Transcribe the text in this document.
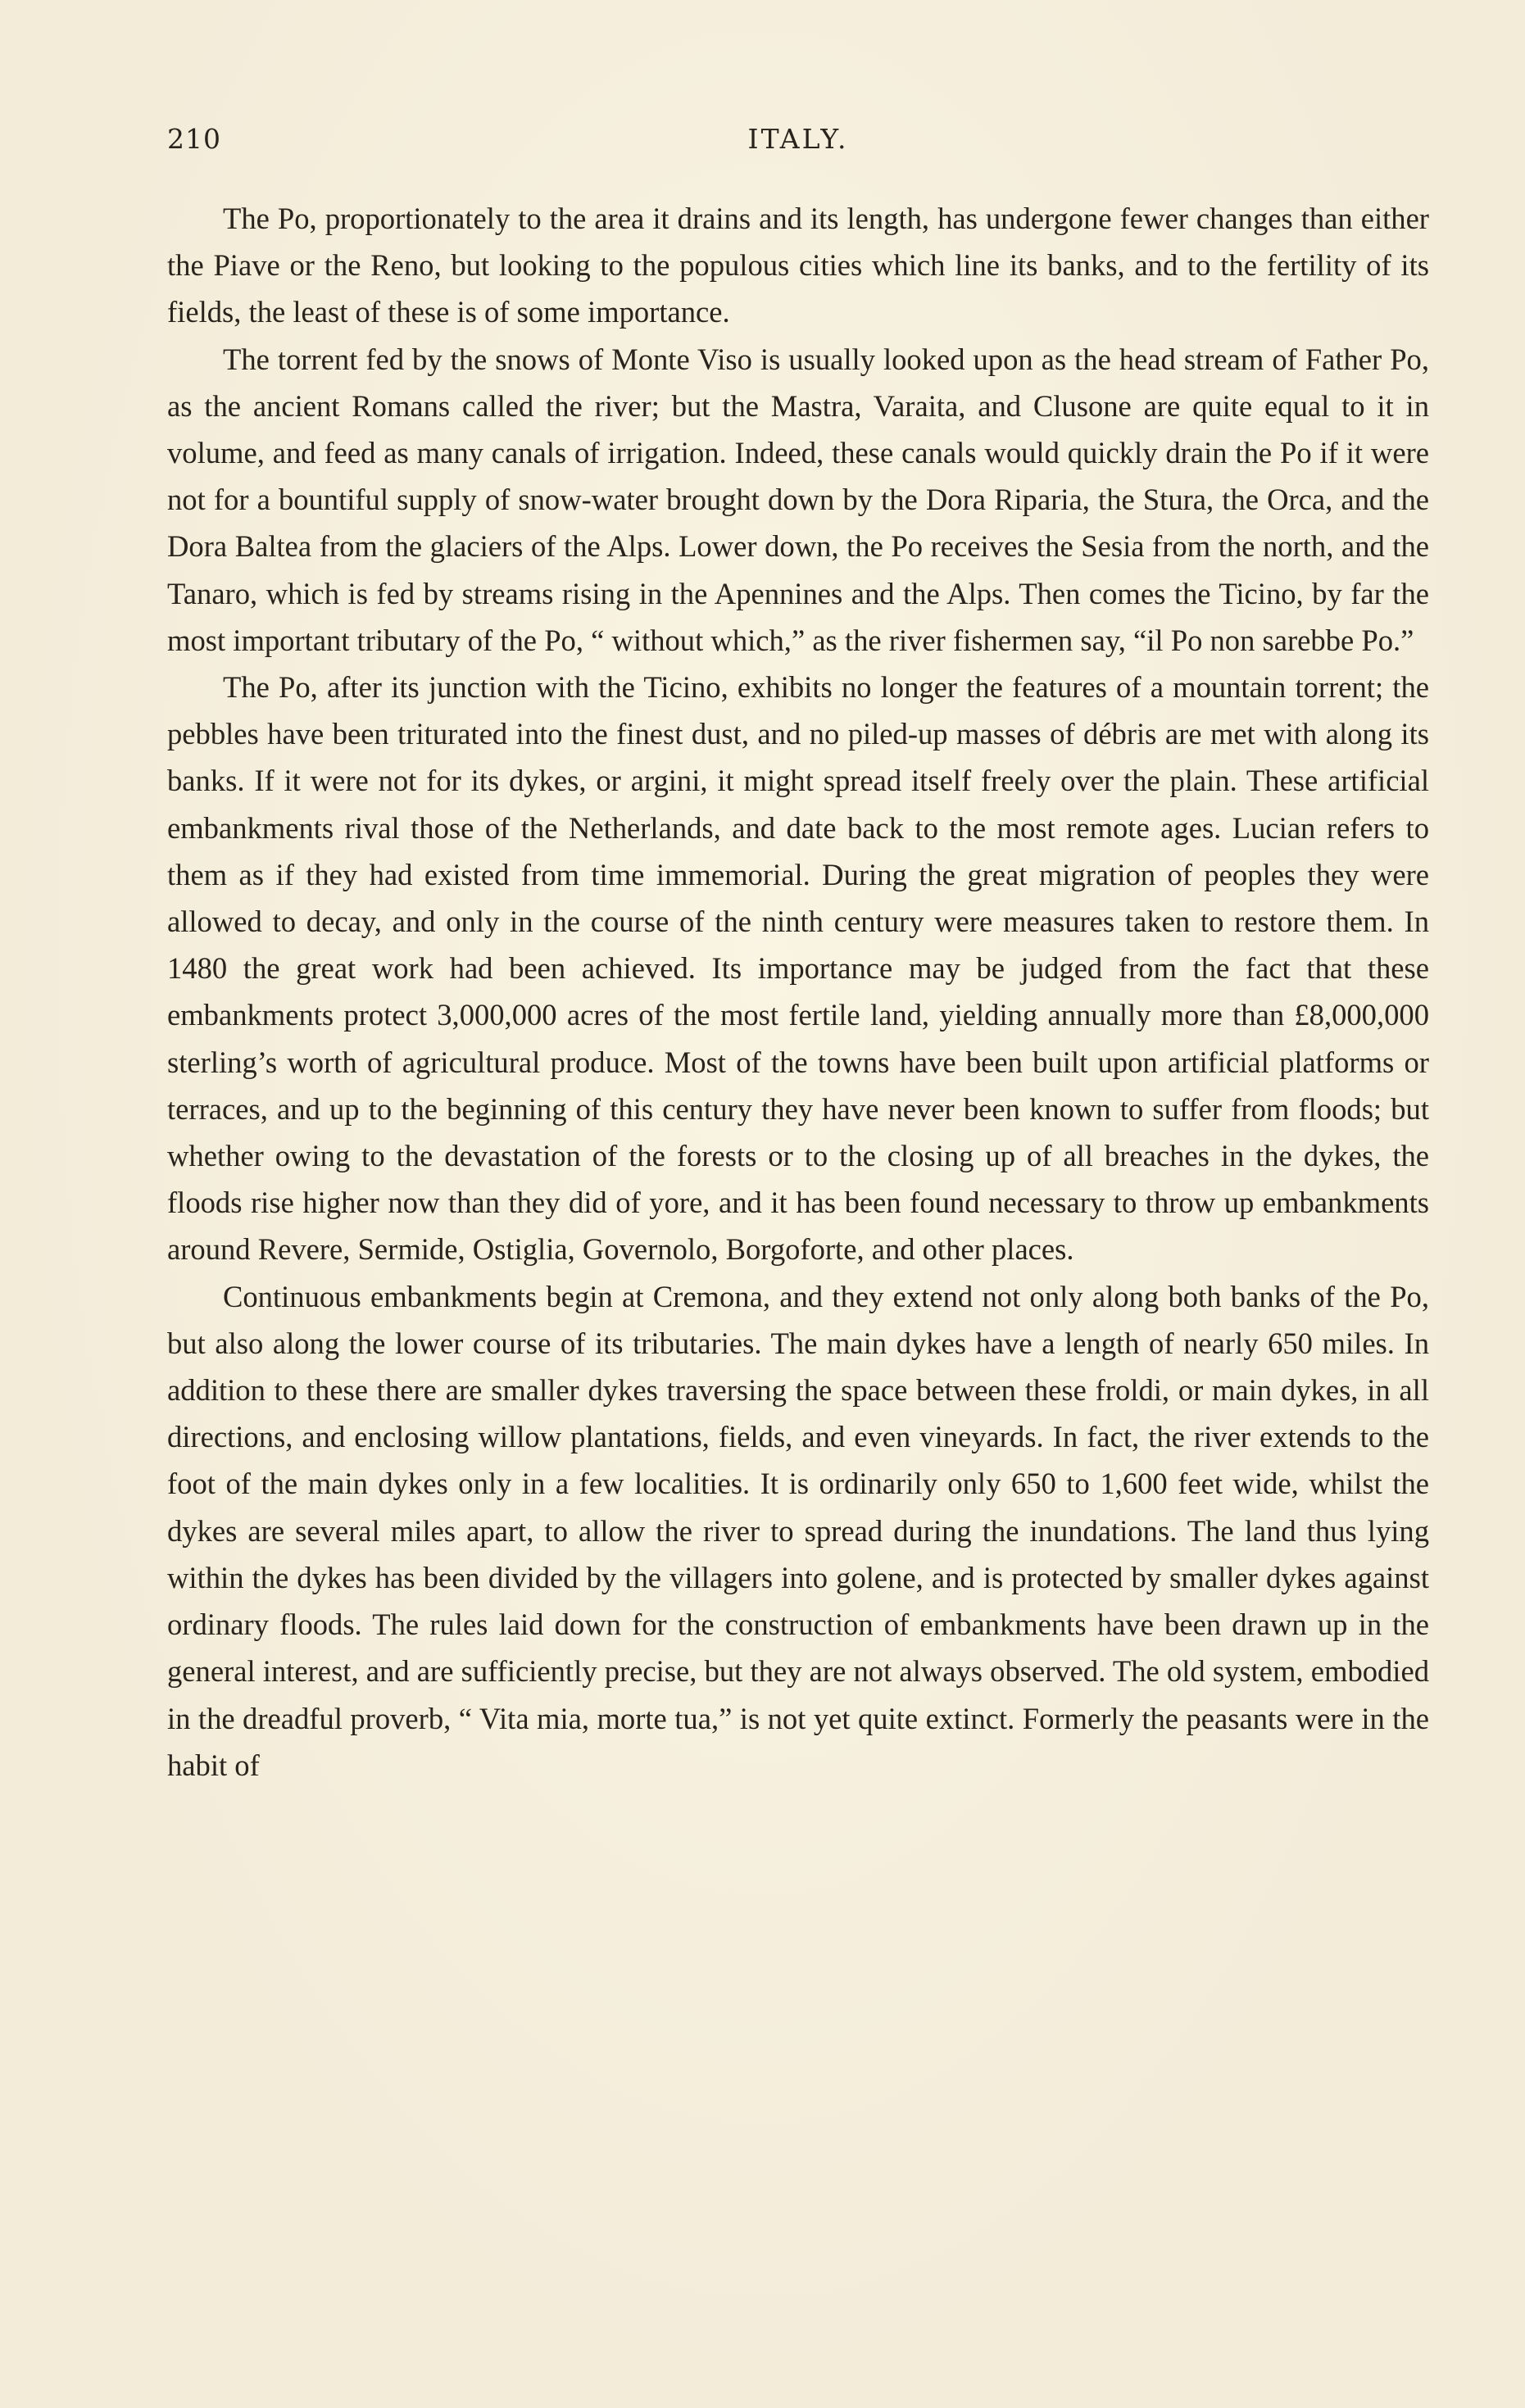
210	ITALY.

The Po, proportionately to the area it drains and its length, has undergone fewer changes than either the Piave or the Reno, but looking to the populous cities which line its banks, and to the fertility of its fields, the least of these is of some importance.

The torrent fed by the snows of Monte Viso is usually looked upon as the head stream of Father Po, as the ancient Romans called the river; but the Mastra, Varaita, and Clusone are quite equal to it in volume, and feed as many canals of irrigation. Indeed, these canals would quickly drain the Po if it were not for a bountiful supply of snow-water brought down by the Dora Riparia, the Stura, the Orca, and the Dora Baltea from the glaciers of the Alps. Lower down, the Po receives the Sesia from the north, and the Tanaro, which is fed by streams rising in the Apennines and the Alps. Then comes the Ticino, by far the most important tributary of the Po, “ without which,” as the river fishermen say, “il Po non sarebbe Po.”

The Po, after its junction with the Ticino, exhibits no longer the features of a mountain torrent; the pebbles have been triturated into the finest dust, and no piled-up masses of débris are met with along its banks. If it were not for its dykes, or argini, it might spread itself freely over the plain. These artificial embankments rival those of the Netherlands, and date back to the most remote ages. Lucian refers to them as if they had existed from time immemorial. During the great migration of peoples they were allowed to decay, and only in the course of the ninth century were measures taken to restore them. In 1480 the great work had been achieved. Its importance may be judged from the fact that these embankments protect 3,000,000 acres of the most fertile land, yielding annually more than £8,000,000 sterling’s worth of agricultural produce. Most of the towns have been built upon artificial platforms or terraces, and up to the beginning of this century they have never been known to suffer from floods; but whether owing to the devastation of the forests or to the closing up of all breaches in the dykes, the floods rise higher now than they did of yore, and it has been found necessary to throw up embankments around Revere, Sermide, Ostiglia, Governolo, Borgoforte, and other places.

Continuous embankments begin at Cremona, and they extend not only along both banks of the Po, but also along the lower course of its tributaries. The main dykes have a length of nearly 650 miles. In addition to these there are smaller dykes traversing the space between these froldi, or main dykes, in all directions, and enclosing willow plantations, fields, and even vineyards. In fact, the river extends to the foot of the main dykes only in a few localities. It is ordinarily only 650 to 1,600 feet wide, whilst the dykes are several miles apart, to allow the river to spread during the inundations. The land thus lying within the dykes has been divided by the villagers into golene, and is protected by smaller dykes against ordinary floods. The rules laid down for the construction of embankments have been drawn up in the general interest, and are sufficiently precise, but they are not always observed. The old system, embodied in the dreadful proverb, “ Vita mia, morte tua,” is not yet quite extinct. Formerly the peasants were in the habit of
